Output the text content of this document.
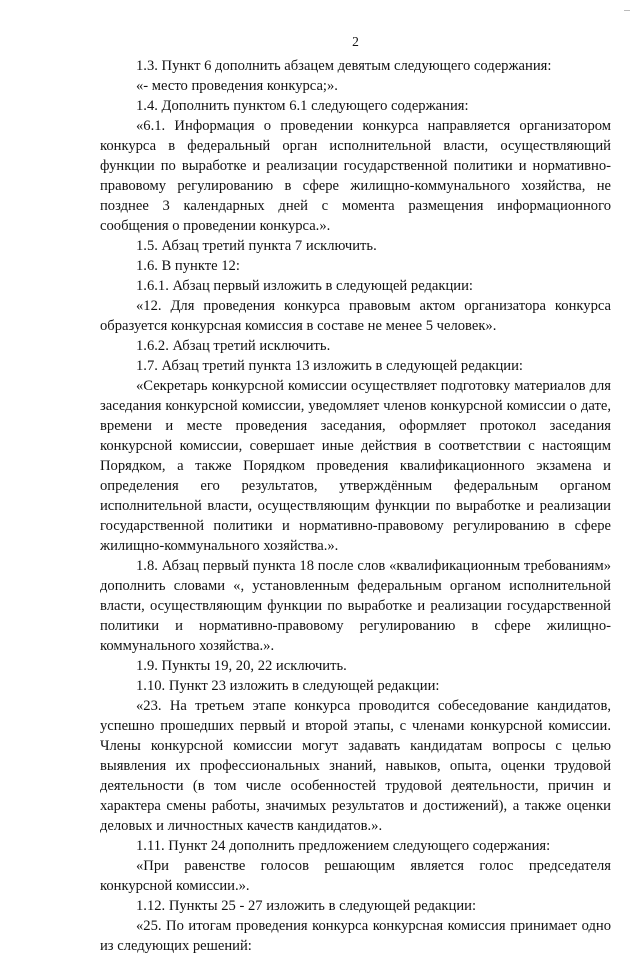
2

1.3. Пункт 6 дополнить абзацем девятым следующего содержания:

«- место проведения конкурса;».

1.4. Дополнить пунктом 6.1 следующего содержания:

«6.1. Информация о проведении конкурса направляется организатором конкурса в федеральный орган исполнительной власти, осуществляющий функции по выработке и реализации государственной политики и нормативно-правовому регулированию в сфере жилищно-коммунального хозяйства, не позднее 3 календарных дней с момента размещения информационного сообщения о проведении конкурса.».

1.5. Абзац третий пункта 7 исключить.

1.6. В пункте 12:

1.6.1. Абзац первый изложить в следующей редакции:

«12. Для проведения конкурса правовым актом организатора конкурса образуется конкурсная комиссия в составе не менее 5 человек».

1.6.2. Абзац третий исключить.

1.7. Абзац третий пункта 13 изложить в следующей редакции:

«Секретарь конкурсной комиссии осуществляет подготовку материалов для заседания конкурсной комиссии, уведомляет членов конкурсной комиссии о дате, времени и месте проведения заседания, оформляет протокол заседания конкурсной комиссии, совершает иные действия в соответствии с настоящим Порядком, а также Порядком проведения квалификационного экзамена и определения его результатов, утверждённым федеральным органом исполнительной власти, осуществляющим функции по выработке и реализации государственной политики и нормативно-правовому регулированию в сфере жилищно-коммунального хозяйства.».

1.8. Абзац первый пункта 18 после слов «квалификационным требованиям» дополнить словами «, установленным федеральным органом исполнительной власти, осуществляющим функции по выработке и реализации государственной политики и нормативно-правовому регулированию в сфере жилищно-коммунального хозяйства.».

1.9. Пункты 19, 20, 22 исключить.

1.10. Пункт 23 изложить в следующей редакции:

«23. На третьем этапе конкурса проводится собеседование кандидатов, успешно прошедших первый и второй этапы, с членами конкурсной комиссии. Члены конкурсной комиссии могут задавать кандидатам вопросы с целью выявления их профессиональных знаний, навыков, опыта, оценки трудовой деятельности (в том числе особенностей трудовой деятельности, причин и характера смены работы, значимых результатов и достижений), а также оценки деловых и личностных качеств кандидатов.».

1.11. Пункт 24 дополнить предложением следующего содержания:

«При равенстве голосов решающим является голос председателя конкурсной комиссии.».

1.12. Пункты 25 - 27 изложить в следующей редакции:

«25. По итогам проведения конкурса конкурсная комиссия принимает одно из следующих решений:
